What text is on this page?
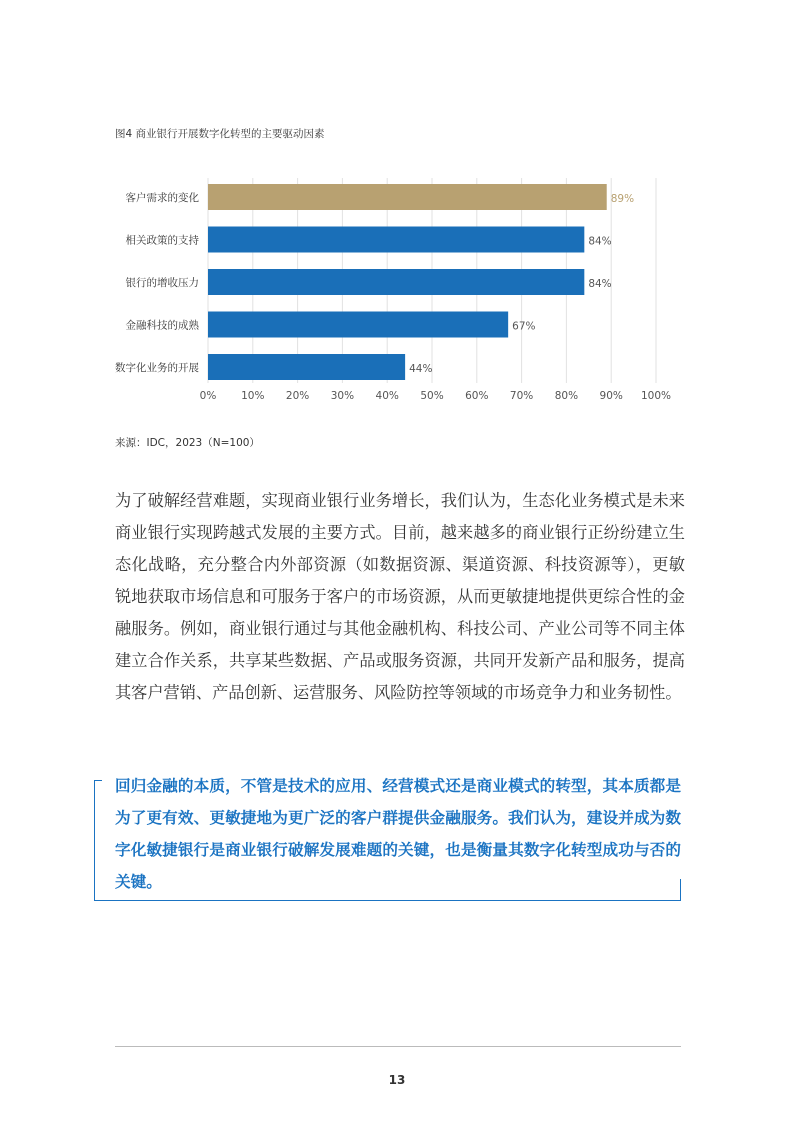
图4 商业银行开展数字化转型的主要驱动因素
客户需求的变化	89%
相关政策的支持	84%
银行的增收压力	84%
金融科技的成熟	67%
数字化业务的开展	44%
0% 10% 20% 30% 40% 50% 60% 70% 80% 90% 100%
来源：IDC，2023（N=100）
为了破解经营难题，实现商业银行业务增长，我们认为，生态化业务模式是未来商业银行实现跨越式发展的主要方式。目前，越来越多的商业银行正纷纷建立生态化战略，充分整合内外部资源（如数据资源、渠道资源、科技资源等），更敏锐地获取市场信息和可服务于客户的市场资源，从而更敏捷地提供更综合性的金融服务。例如，商业银行通过与其他金融机构、科技公司、产业公司等不同主体建立合作关系，共享某些数据、产品或服务资源，共同开发新产品和服务，提高其客户营销、产品创新、运营服务、风险防控等领域的市场竞争力和业务韧性。
回归金融的本质，不管是技术的应用、经营模式还是商业模式的转型，其本质都是为了更有效、更敏捷地为更广泛的客户群提供金融服务。我们认为，建设并成为数字化敏捷银行是商业银行破解发展难题的关键，也是衡量其数字化转型成功与否的关键。
13
